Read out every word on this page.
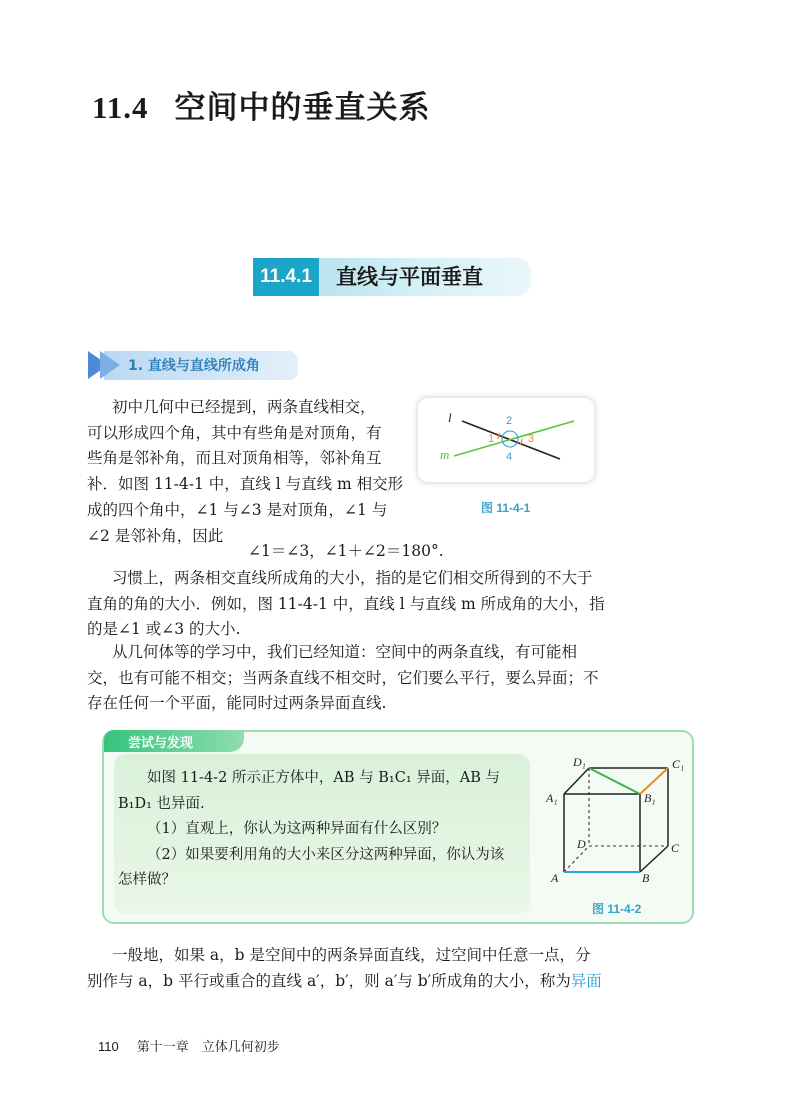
11.4 空间中的垂直关系
11.4.1	直线与平面垂直
1. 直线与直线所成角
初中几何中已经提到，两条直线相交，
可以形成四个角，其中有些角是对顶角，有
些角是邻补角，而且对顶角相等，邻补角互
补．如图 11-4-1 中，直线 l 与直线 m 相交形
成的四个角中，∠1 与∠3 是对顶角，∠1 与
∠2 是邻补角，因此
l
m
1
2
3
4
图 11-4-1
∠1＝∠3，∠1＋∠2＝180°.
习惯上，两条相交直线所成角的大小，指的是它们相交所得到的不大于
直角的角的大小．例如，图 11-4-1 中，直线 l 与直线 m 所成角的大小，指
的是∠1 或∠3 的大小.
从几何体等的学习中，我们已经知道：空间中的两条直线，有可能相
交，也有可能不相交；当两条直线不相交时，它们要么平行，要么异面；不
存在任何一个平面，能同时过两条异面直线.
尝试与发现
如图 11-4-2 所示正方体中，AB 与 B₁C₁ 异面，AB 与
B₁D₁ 也异面.
（1）直观上，你认为这两种异面有什么区别？
（2）如果要利用角的大小来区分这两种异面，你认为该
怎样做？
D₁	C₁
A₁	B₁
D	C
A	B
图 11-4-2
一般地，如果 a，b 是空间中的两条异面直线，过空间中任意一点，分
别作与 a，b 平行或重合的直线 a′，b′，则 a′与 b′所成角的大小，称为异面
110 第十一章　立体几何初步
